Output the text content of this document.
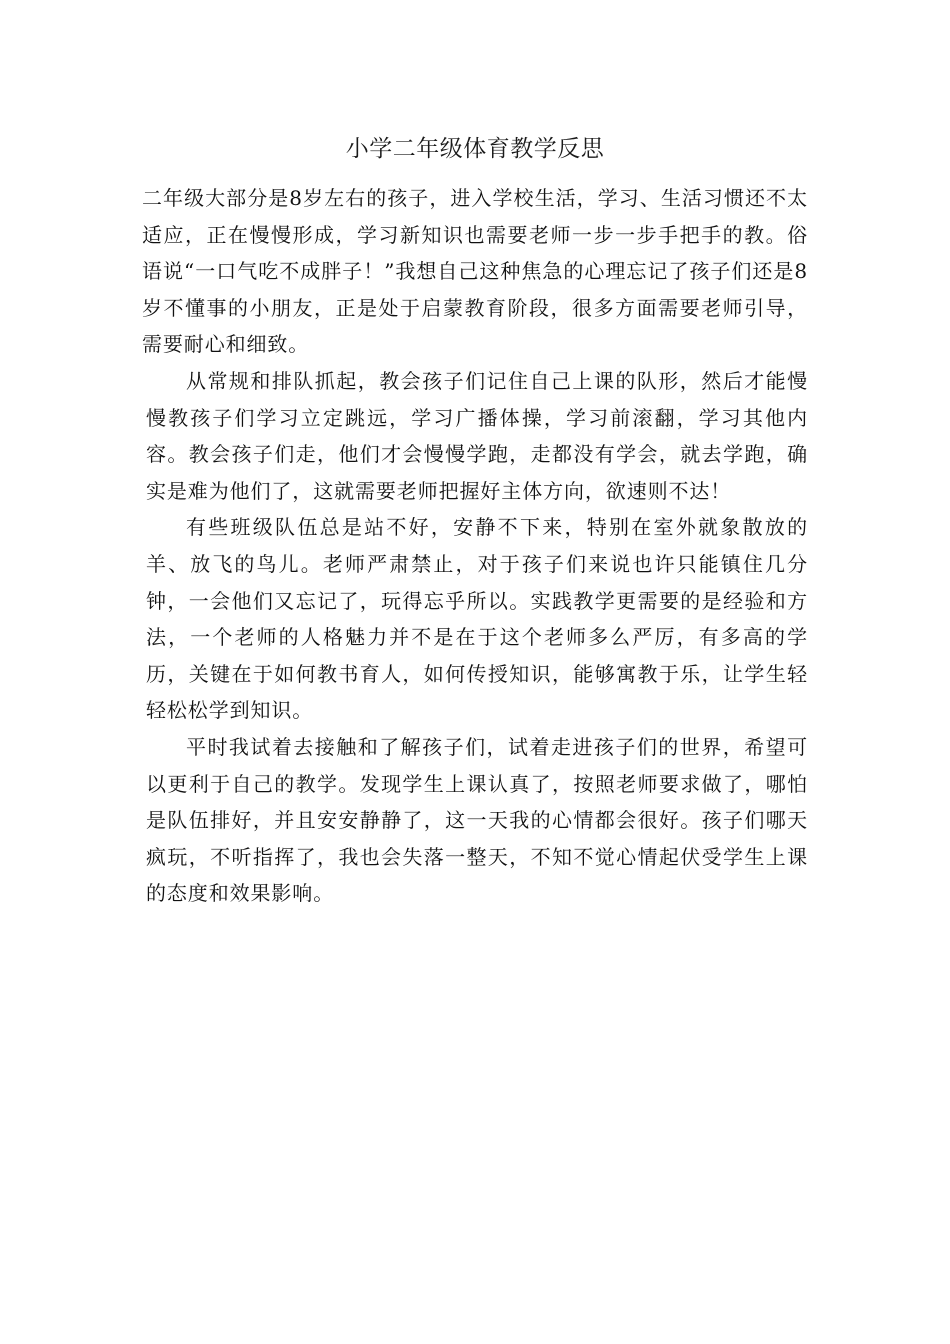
小学二年级体育教学反思

二年级大部分是8岁左右的孩子，进入学校生活，学习、生活习惯还不太适应，正在慢慢形成，学习新知识也需要老师一步一步手把手的教。俗语说“一口气吃不成胖子！”我想自己这种焦急的心理忘记了孩子们还是8岁不懂事的小朋友，正是处于启蒙教育阶段，很多方面需要老师引导，需要耐心和细致。

从常规和排队抓起，教会孩子们记住自己上课的队形，然后才能慢慢教孩子们学习立定跳远，学习广播体操，学习前滚翻，学习其他内容。教会孩子们走，他们才会慢慢学跑，走都没有学会，就去学跑，确实是难为他们了，这就需要老师把握好主体方向，欲速则不达！

有些班级队伍总是站不好，安静不下来，特别在室外就象散放的羊、放飞的鸟儿。老师严肃禁止，对于孩子们来说也许只能镇住几分钟，一会他们又忘记了，玩得忘乎所以。实践教学更需要的是经验和方法，一个老师的人格魅力并不是在于这个老师多么严厉，有多高的学历，关键在于如何教书育人，如何传授知识，能够寓教于乐，让学生轻轻松松学到知识。

平时我试着去接触和了解孩子们，试着走进孩子们的世界，希望可以更利于自己的教学。发现学生上课认真了，按照老师要求做了，哪怕是队伍排好，并且安安静静了，这一天我的心情都会很好。孩子们哪天疯玩，不听指挥了，我也会失落一整天，不知不觉心情起伏受学生上课的态度和效果影响。
